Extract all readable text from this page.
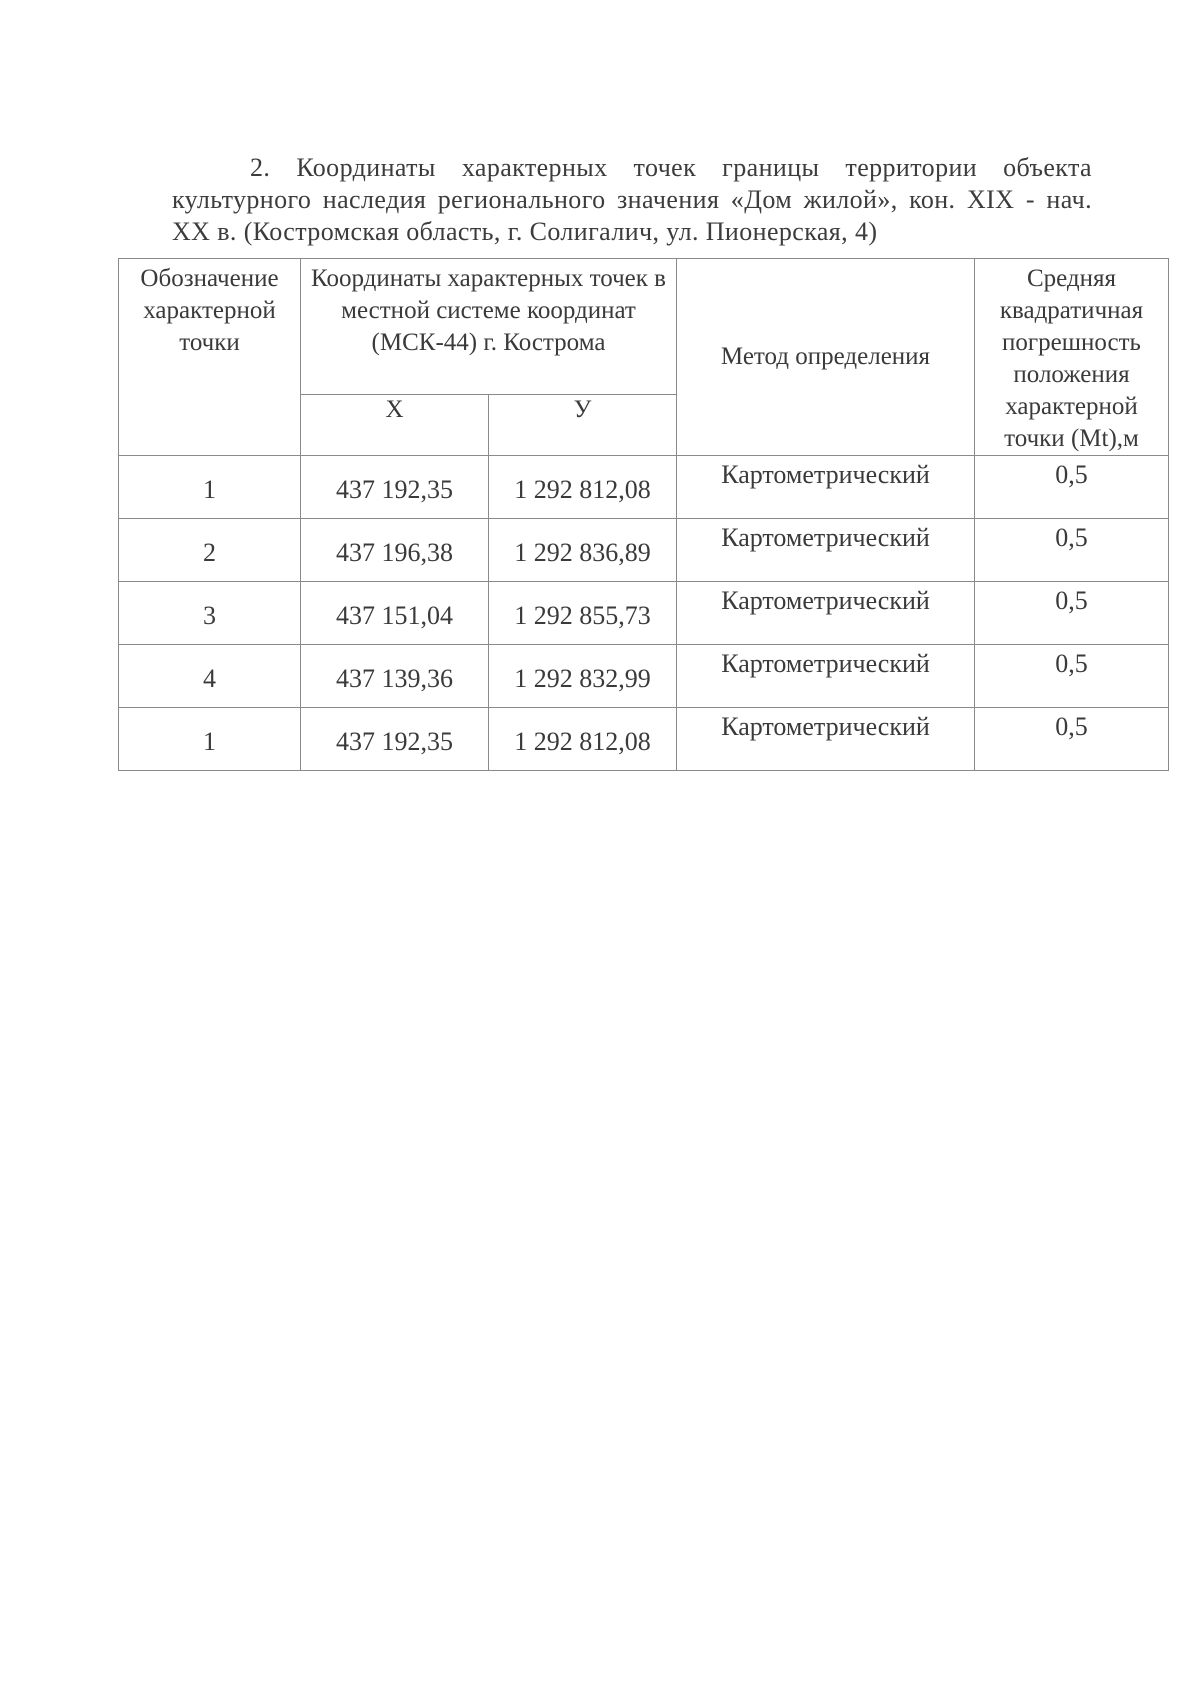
2. Координаты характерных точек границы территории объекта культурного наследия регионального значения «Дом жилой», кон. XIX - нач. XX в. (Костромская область, г. Солигалич, ул. Пионерская, 4)

Обозначение характерной точки	Координаты характерных точек в местной системе координат (МСК-44) г. Кострома		Метод определения	Средняя квадратичная погрешность положения характерной точки (Mt),м
	X	У		
1	437 192,35	1 292 812,08	Картометрический	0,5
2	437 196,38	1 292 836,89	Картометрический	0,5
3	437 151,04	1 292 855,73	Картометрический	0,5
4	437 139,36	1 292 832,99	Картометрический	0,5
1	437 192,35	1 292 812,08	Картометрический	0,5
